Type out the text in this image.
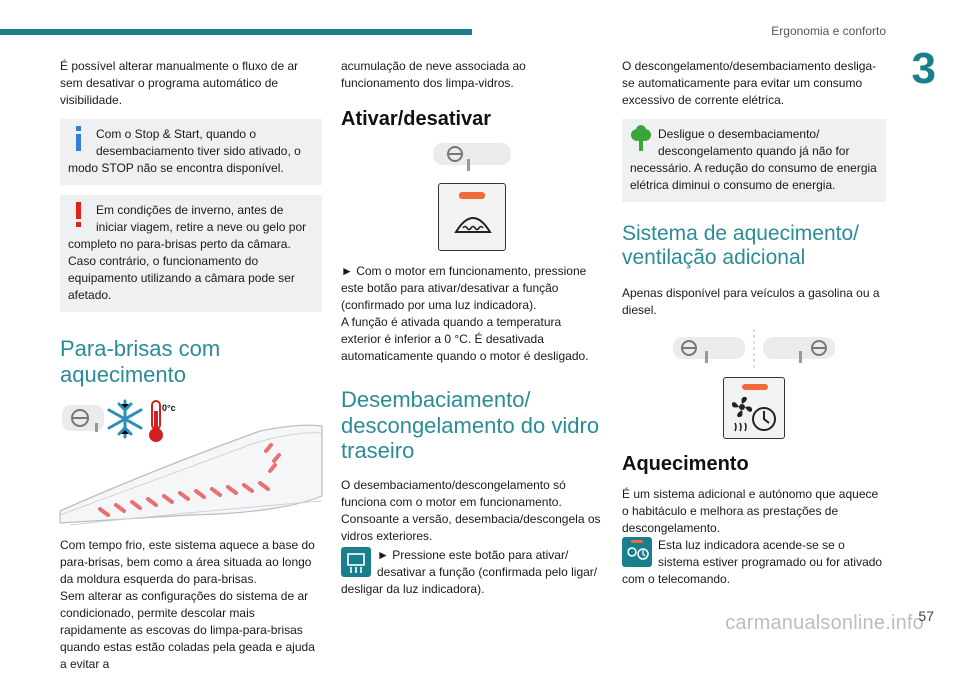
Ergonomia e conforto
3

É possível alterar manualmente o fluxo de ar sem desativar o programa automático de visibilidade.

Com o Stop & Start, quando o desembaciamento tiver sido ativado, o modo STOP não se encontra disponível.
Em condições de inverno, antes de iniciar viagem, retire a neve ou gelo por completo no para-brisas perto da câmara.
Caso contrário, o funcionamento do equipamento utilizando a câmara pode ser afetado.
Para-brisas com aquecimento
0°c

Com tempo frio, este sistema aquece a base do para-brisas, bem como a área situada ao longo da moldura esquerda do para-brisas.

Sem alterar as configurações do sistema de ar condicionado, permite descolar mais rapidamente as escovas do limpa-para-brisas quando estas estão coladas pela geada e ajuda a evitar a

acumulação de neve associada ao funcionamento dos limpa-vidros.

Ativar/desativar

► Com o motor em funcionamento, pressione este botão para ativar/desativar a função (confirmado por uma luz indicadora).

A função é ativada quando a temperatura exterior é inferior a 0 °C. É desativada automaticamente quando o motor é desligado.

Desembaciamento/ descongelamento do vidro traseiro

O desembaciamento/descongelamento só funciona com o motor em funcionamento.

Consoante a versão, desembacia/descongela os vidros exteriores.

► Pressione este botão para ativar/ desativar a função (confirmada pelo ligar/ desligar da luz indicadora).

O descongelamento/desembaciamento desliga-se automaticamente para evitar um consumo excessivo de corrente elétrica.

Desligue o desembaciamento/ descongelamento quando já não for necessário. A redução do consumo de energia elétrica diminui o consumo de energia.
Sistema de aquecimento/ ventilação adicional

Apenas disponível para veículos a gasolina ou a diesel.

Aquecimento

É um sistema adicional e autónomo que aquece o habitáculo e melhora as prestações de descongelamento.

Esta luz indicadora acende-se se o sistema estiver programado ou for ativado com o telecomando.

carmanualsonline.info
57
